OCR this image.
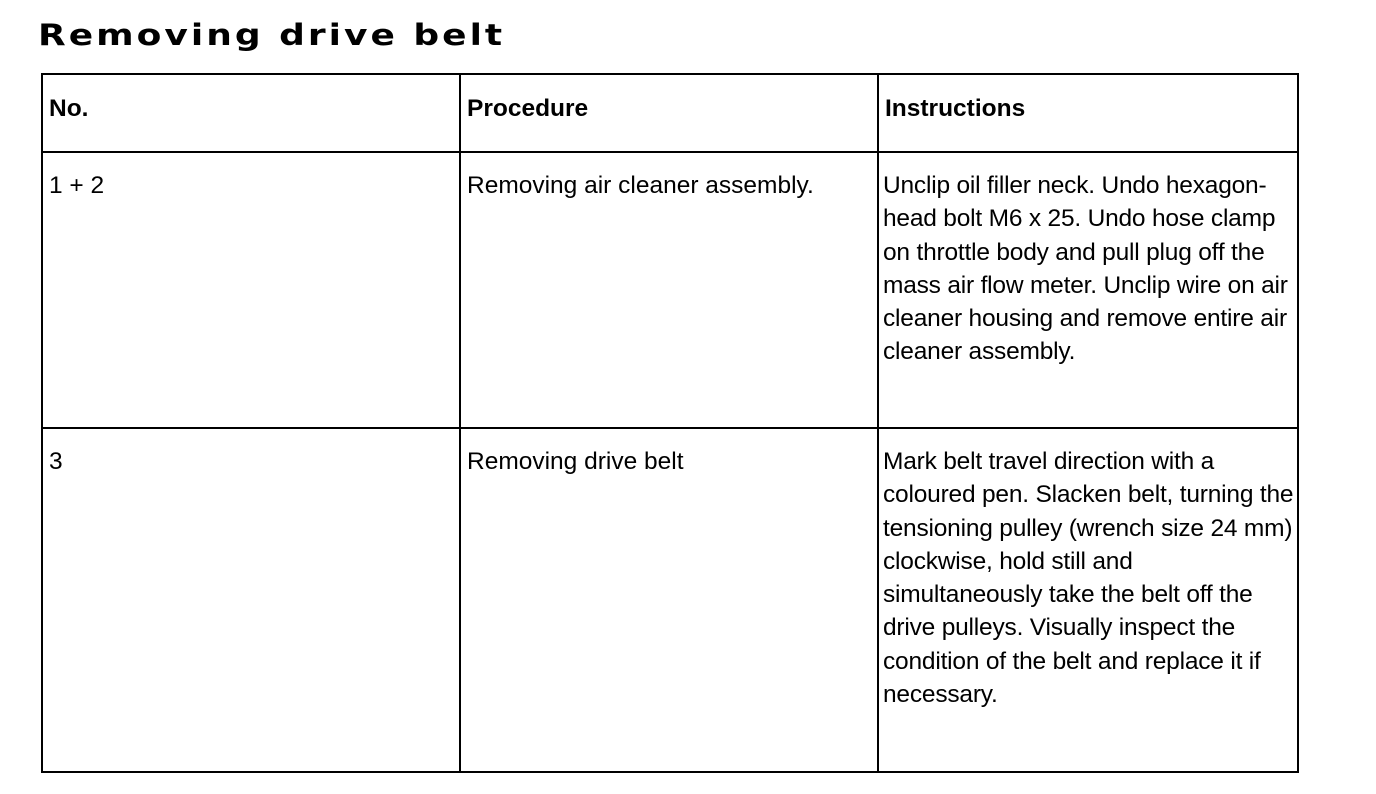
Removing drive belt
No.	Procedure	Instructions
1 + 2	Removing air cleaner assembly.	Unclip oil filler neck. Undo hexagon-head bolt M6 x 25. Undo hose clamp on throttle body and pull plug off the mass air flow meter. Unclip wire on air cleaner housing and remove entire air cleaner assembly.
3	Removing drive belt	Mark belt travel direction with a coloured pen. Slacken belt, turning the tensioning pulley (wrench size 24 mm) clockwise, hold still and simultaneously take the belt off the drive pulleys. Visually inspect the condition of the belt and replace it if necessary.
